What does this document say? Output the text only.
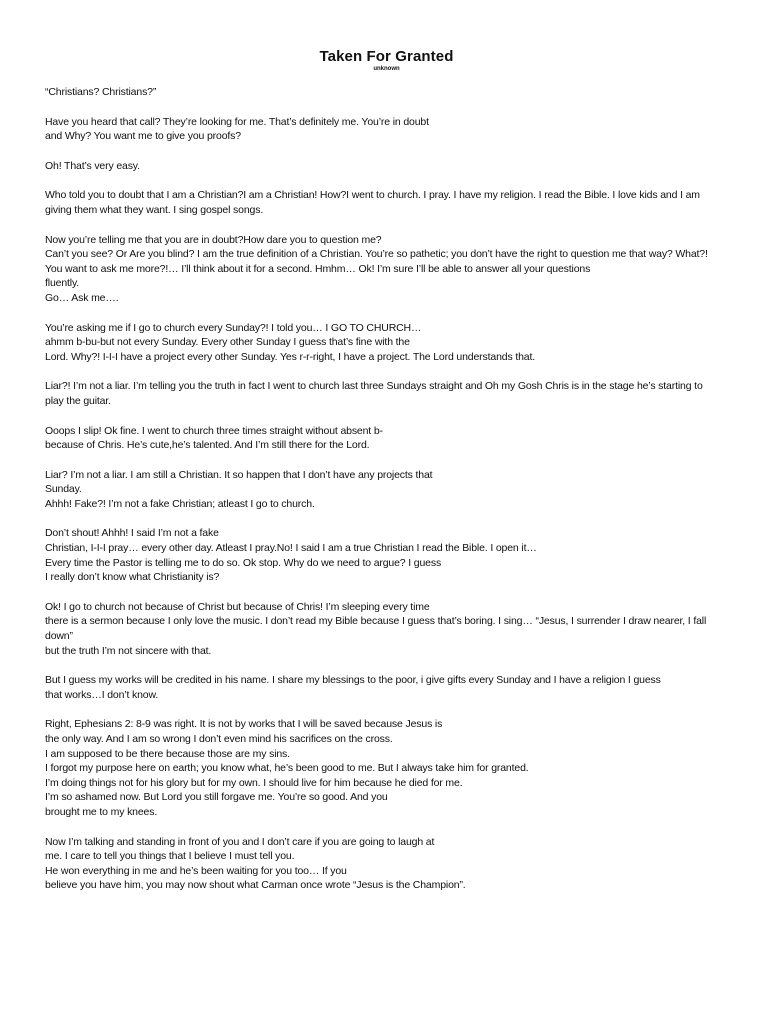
Taken For Granted

unknown

“Christians? Christians?”
Have you heard that call? They’re looking for me. That’s definitely me. You’re in doubt
and Why? You want me to give you proofs?
Oh! That’s very easy.
Who told you to doubt that I am a Christian?I am a Christian! How?I went to church. I pray. I have my religion. I read the Bible. I love kids and I am
giving them what they want. I sing gospel songs.
Now you’re telling me that you are in doubt?How dare you to question me?
Can’t you see? Or Are you blind? I am the true definition of a Christian. You’re so pathetic; you don’t have the right to question me that way? What?!
You want to ask me more?!… I’ll think about it for a second. Hmhm… Ok! I’m sure I’ll be able to answer all your questions
fluently.
Go… Ask me….
You’re asking me if I go to church every Sunday?! I told you… I GO TO CHURCH…
ahmm b-bu-but not every Sunday. Every other Sunday I guess that’s fine with the
Lord. Why?! I-I-I have a project every other Sunday. Yes r-r-right, I have a project. The Lord understands that.
Liar?! I’m not a liar. I’m telling you the truth in fact I went to church last three Sundays straight and Oh my Gosh Chris is in the stage he’s starting to
play the guitar.
Ooops I slip! Ok fine. I went to church three times straight without absent b-
because of Chris. He’s cute,he’s talented. And I’m still there for the Lord.
Liar? I’m not a liar. I am still a Christian. It so happen that I don’t have any projects that
Sunday.
Ahhh! Fake?! I’m not a fake Christian; atleast I go to church.
Don’t shout! Ahhh! I said I’m not a fake
Christian, I-I-I pray… every other day. Atleast I pray.No! I said I am a true Christian I read the Bible. I open it…
Every time the Pastor is telling me to do so. Ok stop. Why do we need to argue? I guess
I really don’t know what Christianity is?
Ok! I go to church not because of Christ but because of Chris! I’m sleeping every time
there is a sermon because I only love the music. I don’t read my Bible because I guess that’s boring. I sing… “Jesus, I surrender I draw nearer, I fall
down”
but the truth I’m not sincere with that.
But I guess my works will be credited in his name. I share my blessings to the poor, i give gifts every Sunday and I have a religion I guess
that works…I don’t know.
Right, Ephesians 2: 8-9 was right. It is not by works that I will be saved because Jesus is
the only way. And I am so wrong I don’t even mind his sacrifices on the cross.
I am supposed to be there because those are my sins.
I forgot my purpose here on earth; you know what, he’s been good to me. But I always take him for granted.
I’m doing things not for his glory but for my own. I should live for him because he died for me.
I’m so ashamed now. But Lord you still forgave me. You’re so good. And you
brought me to my knees.
Now I’m talking and standing in front of you and I don’t care if you are going to laugh at
me. I care to tell you things that I believe I must tell you.
He won everything in me and he’s been waiting for you too… If you
believe you have him, you may now shout what Carman once wrote “Jesus is the Champion”.
